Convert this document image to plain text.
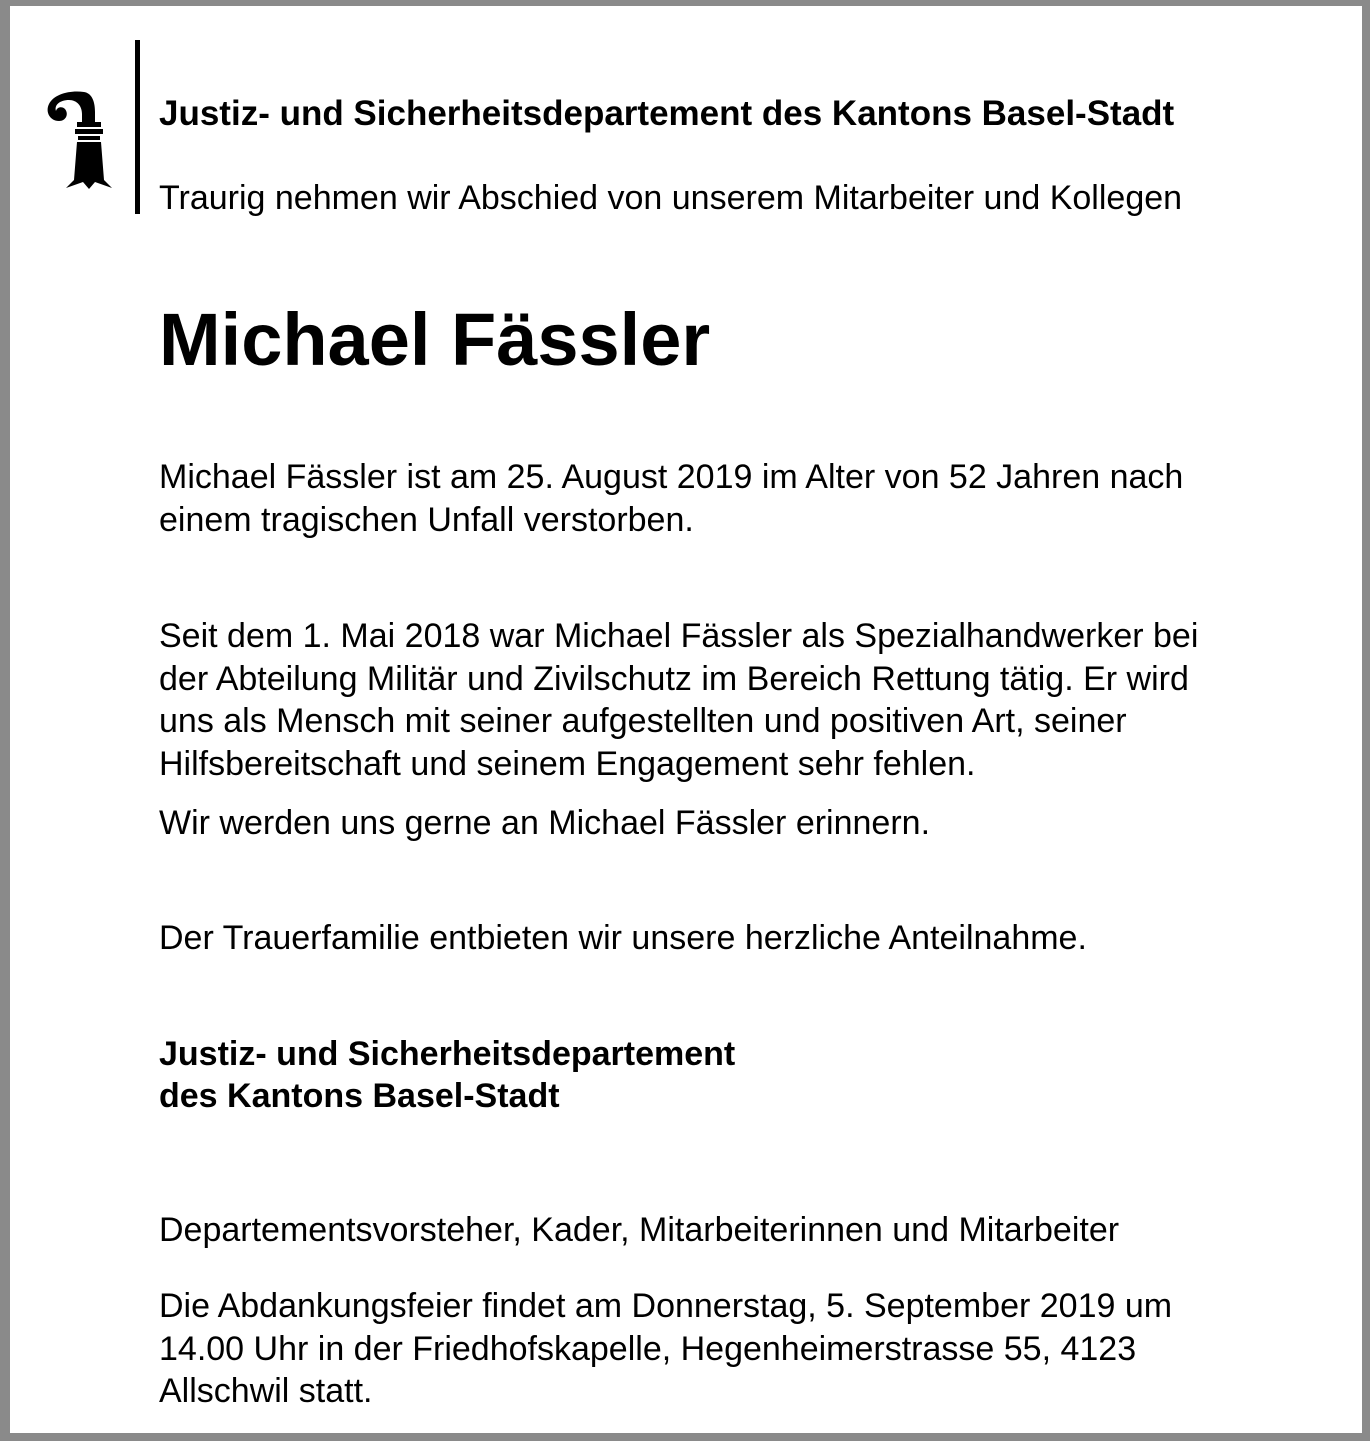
Justiz- und Sicherheitsdepartement des Kantons Basel-Stadt

Traurig nehmen wir Abschied von unserem Mitarbeiter und Kollegen

Michael Fässler

Michael Fässler ist am 25. August 2019 im Alter von 52 Jahren nach
einem tragischen Unfall verstorben.

Seit dem 1. Mai 2018 war Michael Fässler als Spezialhandwerker bei
der Abteilung Militär und Zivilschutz im Bereich Rettung tätig. Er wird
uns als Mensch mit seiner aufgestellten und positiven Art, seiner
Hilfsbereitschaft und seinem Engagement sehr fehlen.

Wir werden uns gerne an Michael Fässler erinnern.

Der Trauerfamilie entbieten wir unsere herzliche Anteilnahme.

Justiz- und Sicherheitsdepartement
des Kantons Basel-Stadt

Departementsvorsteher, Kader, Mitarbeiterinnen und Mitarbeiter

Die Abdankungsfeier findet am Donnerstag, 5. September 2019 um
14.00 Uhr in der Friedhofskapelle, Hegenheimerstrasse 55, 4123
Allschwil statt.
